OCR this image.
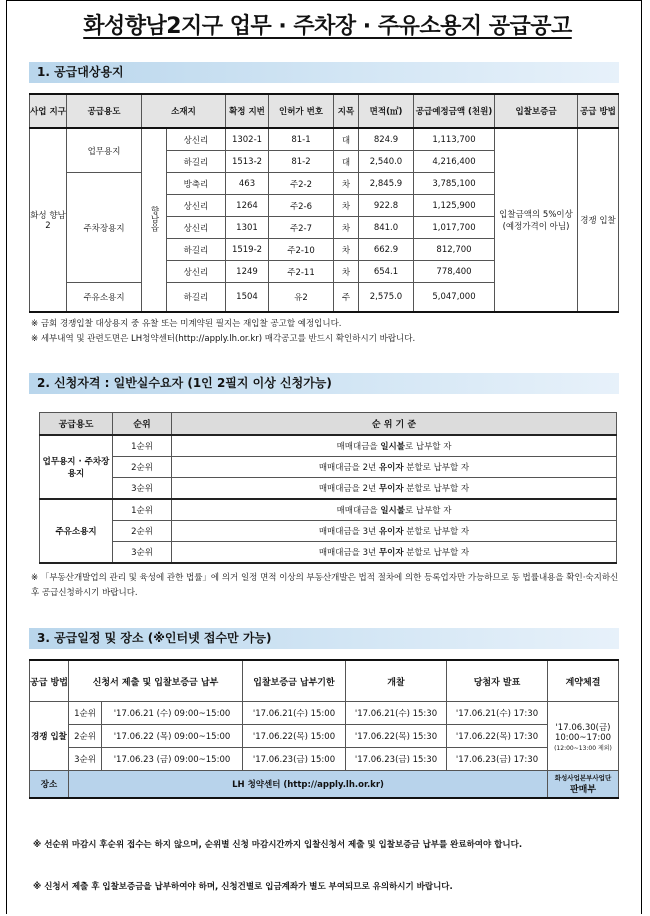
화성향남2지구 업무 · 주차장 · 주유소용지 공급공고
1. 공급대상용지
사업 지구	공급용도	소재지		확정 지번	인허가 번호	지목	면적(㎡)	공급예정금액 (천원)	입찰보증금	공급 방법
화성 향남2	업무용지	향남읍	상신리	1302-1	81-1	대	824.9	1,113,700	입찰금액의 5%이상 (예정가격이 아님)	경쟁 입찰
			하길리	1513-2	81-2	대	2,540.0	4,216,400		
	주차장용지		방축리	463	주2-2	차	2,845.9	3,785,100		
			상신리	1264	주2-6	차	922.8	1,125,900		
			상신리	1301	주2-7	차	841.0	1,017,700		
			하길리	1519-2	주2-10	차	662.9	812,700		
			상신리	1249	주2-11	차	654.1	778,400		
	주유소용지		하길리	1504	유2	주	2,575.0	5,047,000		
※ 금회 경쟁입찰 대상용지 중 유찰 또는 미계약된 필지는 재입찰 공고할 예정입니다.
※ 세부내역 및 관련도면은 LH청약센터(http://apply.lh.or.kr) 매각공고를 반드시 확인하시기 바랍니다.
2. 신청자격 : 일반실수요자 (1인 2필지 이상 신청가능)
공급용도	순위	순 위 기 준
업무용지 · 주차장용지	1순위	매매대금을 일시불로 납부할 자
	2순위	매매대금을 2년 유이자 분할로 납부할 자
	3순위	매매대금을 2년 무이자 분할로 납부할 자
주유소용지	1순위	매매대금을 일시불로 납부할 자
	2순위	매매대금을 3년 유이자 분할로 납부할 자
	3순위	매매대금을 3년 무이자 분할로 납부할 자
※ 「부동산개발업의 관리 및 육성에 관한 법률」에 의거 일정 면적 이상의 부동산개발은 법적 절차에 의한 등록업자만 가능하므로 동 법률내용을 확인·숙지하신 후 공급신청하시기 바랍니다.
3. 공급일정 및 장소 (※인터넷 접수만 가능)
공급 방법	신청서 제출 및 입찰보증금 납부		입찰보증금 납부기한	개찰	당첨자 발표	계약체결
경쟁 입찰	1순위	'17.06.21 (수) 09:00~15:00	'17.06.21(수) 15:00	'17.06.21(수) 15:30	'17.06.21(수) 17:30	'17.06.30(금)
10:00~17:00
(12:00~13:00 제외)

	2순위	'17.06.22 (목) 09:00~15:00	'17.06.22(목) 15:00	'17.06.22(목) 15:30	'17.06.22(목) 17:30	
	3순위	'17.06.23 (금) 09:00~15:00	'17.06.23(금) 15:00	'17.06.23(금) 15:30	'17.06.23(금) 17:30	
장소	LH 청약센터 (http://apply.lh.or.kr)					화성사업본부사업단
판매부
※ 선순위 마감시 후순위 접수는 하지 않으며, 순위별 신청 마감시간까지 입찰신청서 제출 및 입찰보증금 납부를 완료하여야 합니다.
※ 신청서 제출 후 입찰보증금을 납부하여야 하며, 신청건별로 입금계좌가 별도 부여되므로 유의하시기 바랍니다.
